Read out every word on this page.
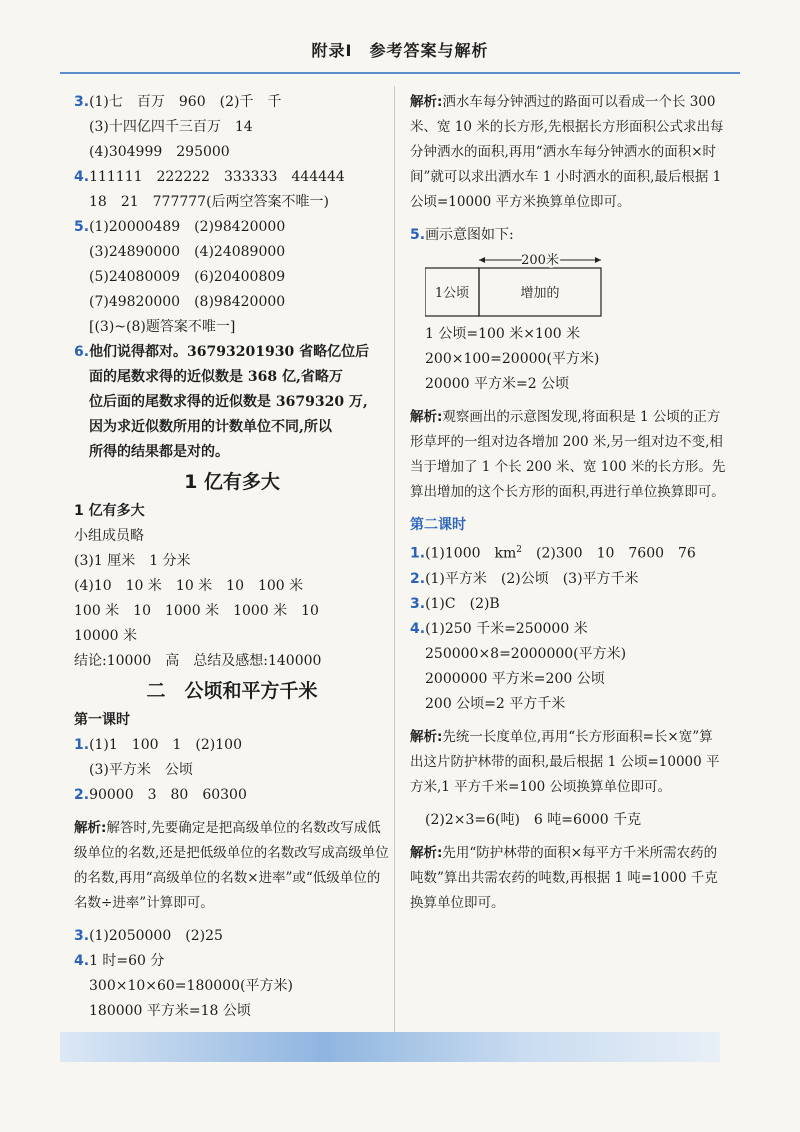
附录Ⅰ　参考答案与解析
3.(1)七　百万　960　(2)千　千
(3)十四亿四千三百万　14
(4)304999　295000
4.111111　222222　333333　444444
18　21　777777(后两空答案不唯一)
5.(1)20000489　(2)98420000
(3)24890000　(4)24089000
(5)24080009　(6)20400809
(7)49820000　(8)98420000
[(3)~(8)题答案不唯一]
6.他们说得都对。36793201930 省略亿位后
面的尾数求得的近似数是 368 亿,省略万
位后面的尾数求得的近似数是 3679320 万,
因为求近似数所用的计数单位不同,所以
所得的结果都是对的。
1 亿有多大
1 亿有多大
小组成员略
(3)1 厘米　1 分米
(4)10　10 米　10 米　10　100 米
100 米　10　1000 米　1000 米　10
10000 米
结论:10000　高　总结及感想:140000
二　公顷和平方千米
第一课时
1.(1)1　100　1　(2)100
(3)平方米　公顷
2.90000　3　80　60300
解析:解答时,先要确定是把高级单位的名数改写成低级单位的名数,还是把低级单位的名数改写成高级单位的名数,再用“高级单位的名数×进率”或“低级单位的名数÷进率”计算即可。
3.(1)2050000　(2)25
4.1 时=60 分
300×10×60=180000(平方米)
180000 平方米=18 公顷
解析:洒水车每分钟洒过的路面可以看成一个长 300 米、宽 10 米的长方形,先根据长方形面积公式求出每分钟洒水的面积,再用“洒水车每分钟洒水的面积×时间”就可以求出洒水车 1 小时洒水的面积,最后根据 1 公顷=10000 平方米换算单位即可。
5.画示意图如下:
200米
1公顷	增加的
1 公顷=100 米×100 米
200×100=20000(平方米)
20000 平方米=2 公顷
解析:观察画出的示意图发现,将面积是 1 公顷的正方形草坪的一组对边各增加 200 米,另一组对边不变,相当于增加了 1 个长 200 米、宽 100 米的长方形。先算出增加的这个长方形的面积,再进行单位换算即可。
第二课时
1.(1)1000　$km^2$　(2)300　10　7600　76
2.(1)平方米　(2)公顷　(3)平方千米
3.(1)C　(2)B
4.(1)250 千米=250000 米
250000×8=2000000(平方米)
2000000 平方米=200 公顷
200 公顷=2 平方千米
解析:先统一长度单位,再用“长方形面积=长×宽”算出这片防护林带的面积,最后根据 1 公顷=10000 平方米,1 平方千米=100 公顷换算单位即可。
(2)2×3=6(吨)　6 吨=6000 千克
解析:先用“防护林带的面积×每平方千米所需农药的吨数”算出共需农药的吨数,再根据 1 吨=1000 千克换算单位即可。
